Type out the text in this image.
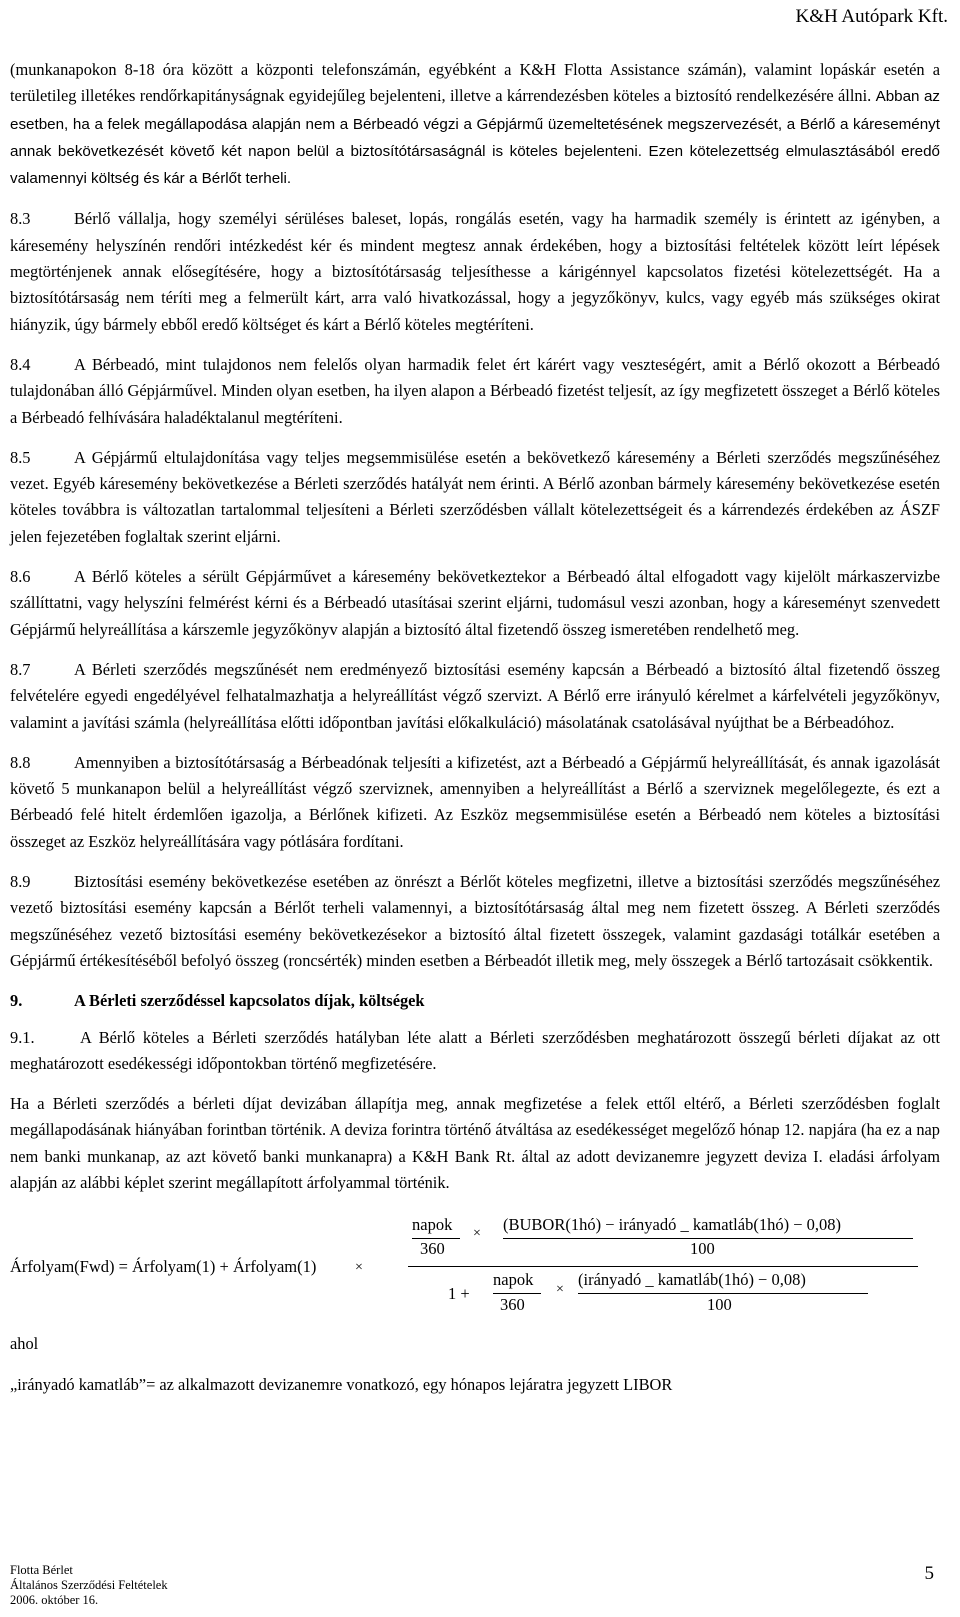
K&H Autópark Kft.

(munkanapokon 8-18 óra között a központi telefonszámán, egyébként a K&H Flotta Assistance számán), valamint lopáskár esetén a területileg illetékes rendőrkapitányságnak egyidejűleg bejelenteni, illetve a kárrendezésben köteles a biztosító rendelkezésére állni. Abban az esetben, ha a felek megállapodása alapján nem a Bérbeadó végzi a Gépjármű üzemeltetésének megszervezését, a Bérlő a káreseményt annak bekövetkezését követő két napon belül a biztosítótársaságnál is köteles bejelenteni. Ezen kötelezettség elmulasztásából eredő valamennyi költség és kár a Bérlőt terheli.

8.3	Bérlő vállalja, hogy személyi sérüléses baleset, lopás, rongálás esetén, vagy ha harmadik személy is érintett az igényben, a káresemény helyszínén rendőri intézkedést kér és mindent megtesz annak érdekében, hogy a biztosítási feltételek között leírt lépések megtörténjenek annak elősegítésére, hogy a biztosítótársaság teljesíthesse a kárigénnyel kapcsolatos fizetési kötelezettségét. Ha a biztosítótársaság nem téríti meg a felmerült kárt, arra való hivatkozással, hogy a jegyzőkönyv, kulcs, vagy egyéb más szükséges okirat hiányzik, úgy bármely ebből eredő költséget és kárt a Bérlő köteles megtéríteni.

8.4	A Bérbeadó, mint tulajdonos nem felelős olyan harmadik felet ért kárért vagy veszteségért, amit a Bérlő okozott a Bérbeadó tulajdonában álló Gépjárművel. Minden olyan esetben, ha ilyen alapon a Bérbeadó fizetést teljesít, az így megfizetett összeget a Bérlő köteles a Bérbeadó felhívására haladéktalanul megtéríteni.

8.5	A Gépjármű eltulajdonítása vagy teljes megsemmisülése esetén a bekövetkező káresemény a Bérleti szerződés megszűnéséhez vezet. Egyéb káresemény bekövetkezése a Bérleti szerződés hatályát nem érinti. A Bérlő azonban bármely káresemény bekövetkezése esetén köteles továbbra is változatlan tartalommal teljesíteni a Bérleti szerződésben vállalt kötelezettségeit és a kárrendezés érdekében az ÁSZF jelen fejezetében foglaltak szerint eljárni.

8.6	A Bérlő köteles a sérült Gépjárművet a káresemény bekövetkeztekor a Bérbeadó által elfogadott vagy kijelölt márkaszervizbe szállíttatni, vagy helyszíni felmérést kérni és a Bérbeadó utasításai szerint eljárni, tudomásul veszi azonban, hogy a káreseményt szenvedett Gépjármű helyreállítása a kárszemle jegyzőkönyv alapján a biztosító által fizetendő összeg ismeretében rendelhető meg.

8.7	A Bérleti szerződés megszűnését nem eredményező biztosítási esemény kapcsán a Bérbeadó a biztosító által fizetendő összeg felvételére egyedi engedélyével felhatalmazhatja a helyreállítást végző szervizt. A Bérlő erre irányuló kérelmet a kárfelvételi jegyzőkönyv, valamint a javítási számla (helyreállítása előtti időpontban javítási előkalkuláció) másolatának csatolásával nyújthat be a Bérbeadóhoz.

8.8	Amennyiben a biztosítótársaság a Bérbeadónak teljesíti a kifizetést, azt a Bérbeadó a Gépjármű helyreállítását, és annak igazolását követő 5 munkanapon belül a helyreállítást végző szerviznek, amennyiben a helyreállítást a Bérlő a szerviznek megelőlegezte, és ezt a Bérbeadó felé hitelt érdemlően igazolja, a Bérlőnek kifizeti. Az Eszköz megsemmisülése esetén a Bérbeadó nem köteles a biztosítási összeget az Eszköz helyreállítására vagy pótlására fordítani.

8.9	Biztosítási esemény bekövetkezése esetében az önrészt a Bérlőt köteles megfizetni, illetve a biztosítási szerződés megszűnéséhez vezető biztosítási esemény kapcsán a Bérlőt terheli valamennyi, a biztosítótársaság által meg nem fizetett összeg. A Bérleti szerződés megszűnéséhez vezető biztosítási esemény bekövetkezésekor a biztosító által fizetett összegek, valamint gazdasági totálkár esetében a Gépjármű értékesítéséből befolyó összeg (roncsérték) minden esetben a Bérbeadót illetik meg, mely összegek a Bérlő tartozásait csökkentik.

9.	A Bérleti szerződéssel kapcsolatos díjak, költségek

9.1.	A Bérlő köteles a Bérleti szerződés hatályban léte alatt a Bérleti szerződésben meghatározott összegű bérleti díjakat az ott meghatározott esedékességi időpontokban történő megfizetésére.

Ha a Bérleti szerződés a bérleti díjat devizában állapítja meg, annak megfizetése a felek ettől eltérő, a Bérleti szerződésben foglalt megállapodásának hiányában forintban történik. A deviza forintra történő átváltása az esedékességet megelőző hónap 12. napjára (ha ez a nap nem banki munkanap, az azt követő banki munkanapra) a K&H Bank Rt. által az adott devizanemre jegyzett deviza I. eladási árfolyam alapján az alábbi képlet szerint megállapított árfolyammal történik.

Árfolyam(Fwd) = Árfolyam(1) + Árfolyam(1)	×
napok
360
× (BUBOR(1hó) − irányadó _ kamatláb(1hó) − 0,08)
100
1 +
napok
360
×
(irányadó _ kamatláb(1hó) − 0,08)
100

ahol

„irányadó kamatláb”= az alkalmazott devizanemre vonatkozó, egy hónapos lejáratra jegyzett LIBOR

Flotta Bérlet
Általános Szerződési Feltételek
2006. október 16.
5
